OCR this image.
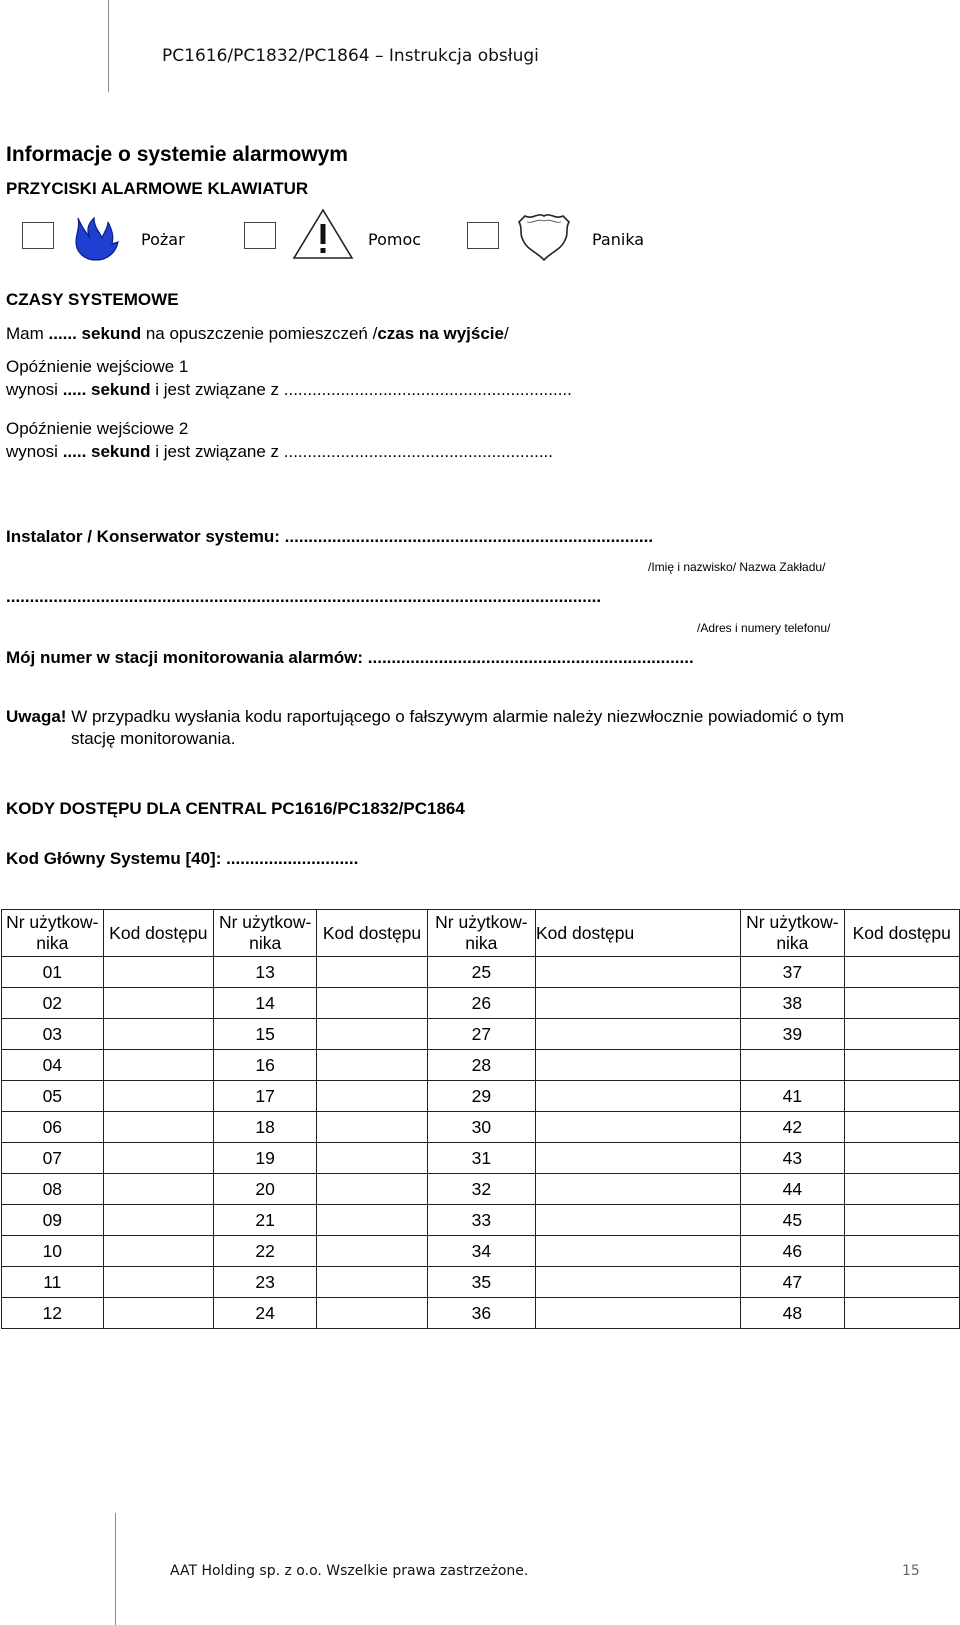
PC1616/PC1832/PC1864 – Instrukcja obsługi
Informacje o systemie alarmowym
PRZYCISKI ALARMOWE KLAWIATUR
Pożar	Pomoc	Panika
CZASY SYSTEMOWE
Mam ...... sekund na opuszczenie pomieszczeń /czas na wyjście/
Opóźnienie wejściowe 1
wynosi ..... sekund i jest związane z .............................................................
Opóźnienie wejściowe 2
wynosi ..... sekund i jest związane z .........................................................
Instalator / Konserwator systemu: ..............................................................................
/Imię i nazwisko/ Nazwa Zakładu/
..............................................................................................................................
/Adres i numery telefonu/
Mój numer w stacji monitorowania alarmów: .....................................................................
Uwaga! W przypadku wysłania kodu raportującego o fałszywym alarmie należy niezwłocznie powiadomić o tym
stację monitorowania.
KODY DOSTĘPU DLA CENTRAL PC1616/PC1832/PC1864
Kod Główny Systemu [40]: ............................
Nr użytkow-
nika	Kod dostępu	Nr użytkow-
nika	Kod dostępu	Nr użytkow-
nika	Kod dostępu	Nr użytkow-
nika	Kod dostępu
01		13		25		37	
02		14		26		38	
03		15		27		39	
04		16		28			
05		17		29		41	
06		18		30		42	
07		19		31		43	
08		20		32		44	
09		21		33		45	
10		22		34		46	
11		23		35		47	
12		24		36		48	
AAT Holding sp. z o.o. Wszelkie prawa zastrzeżone.	15
